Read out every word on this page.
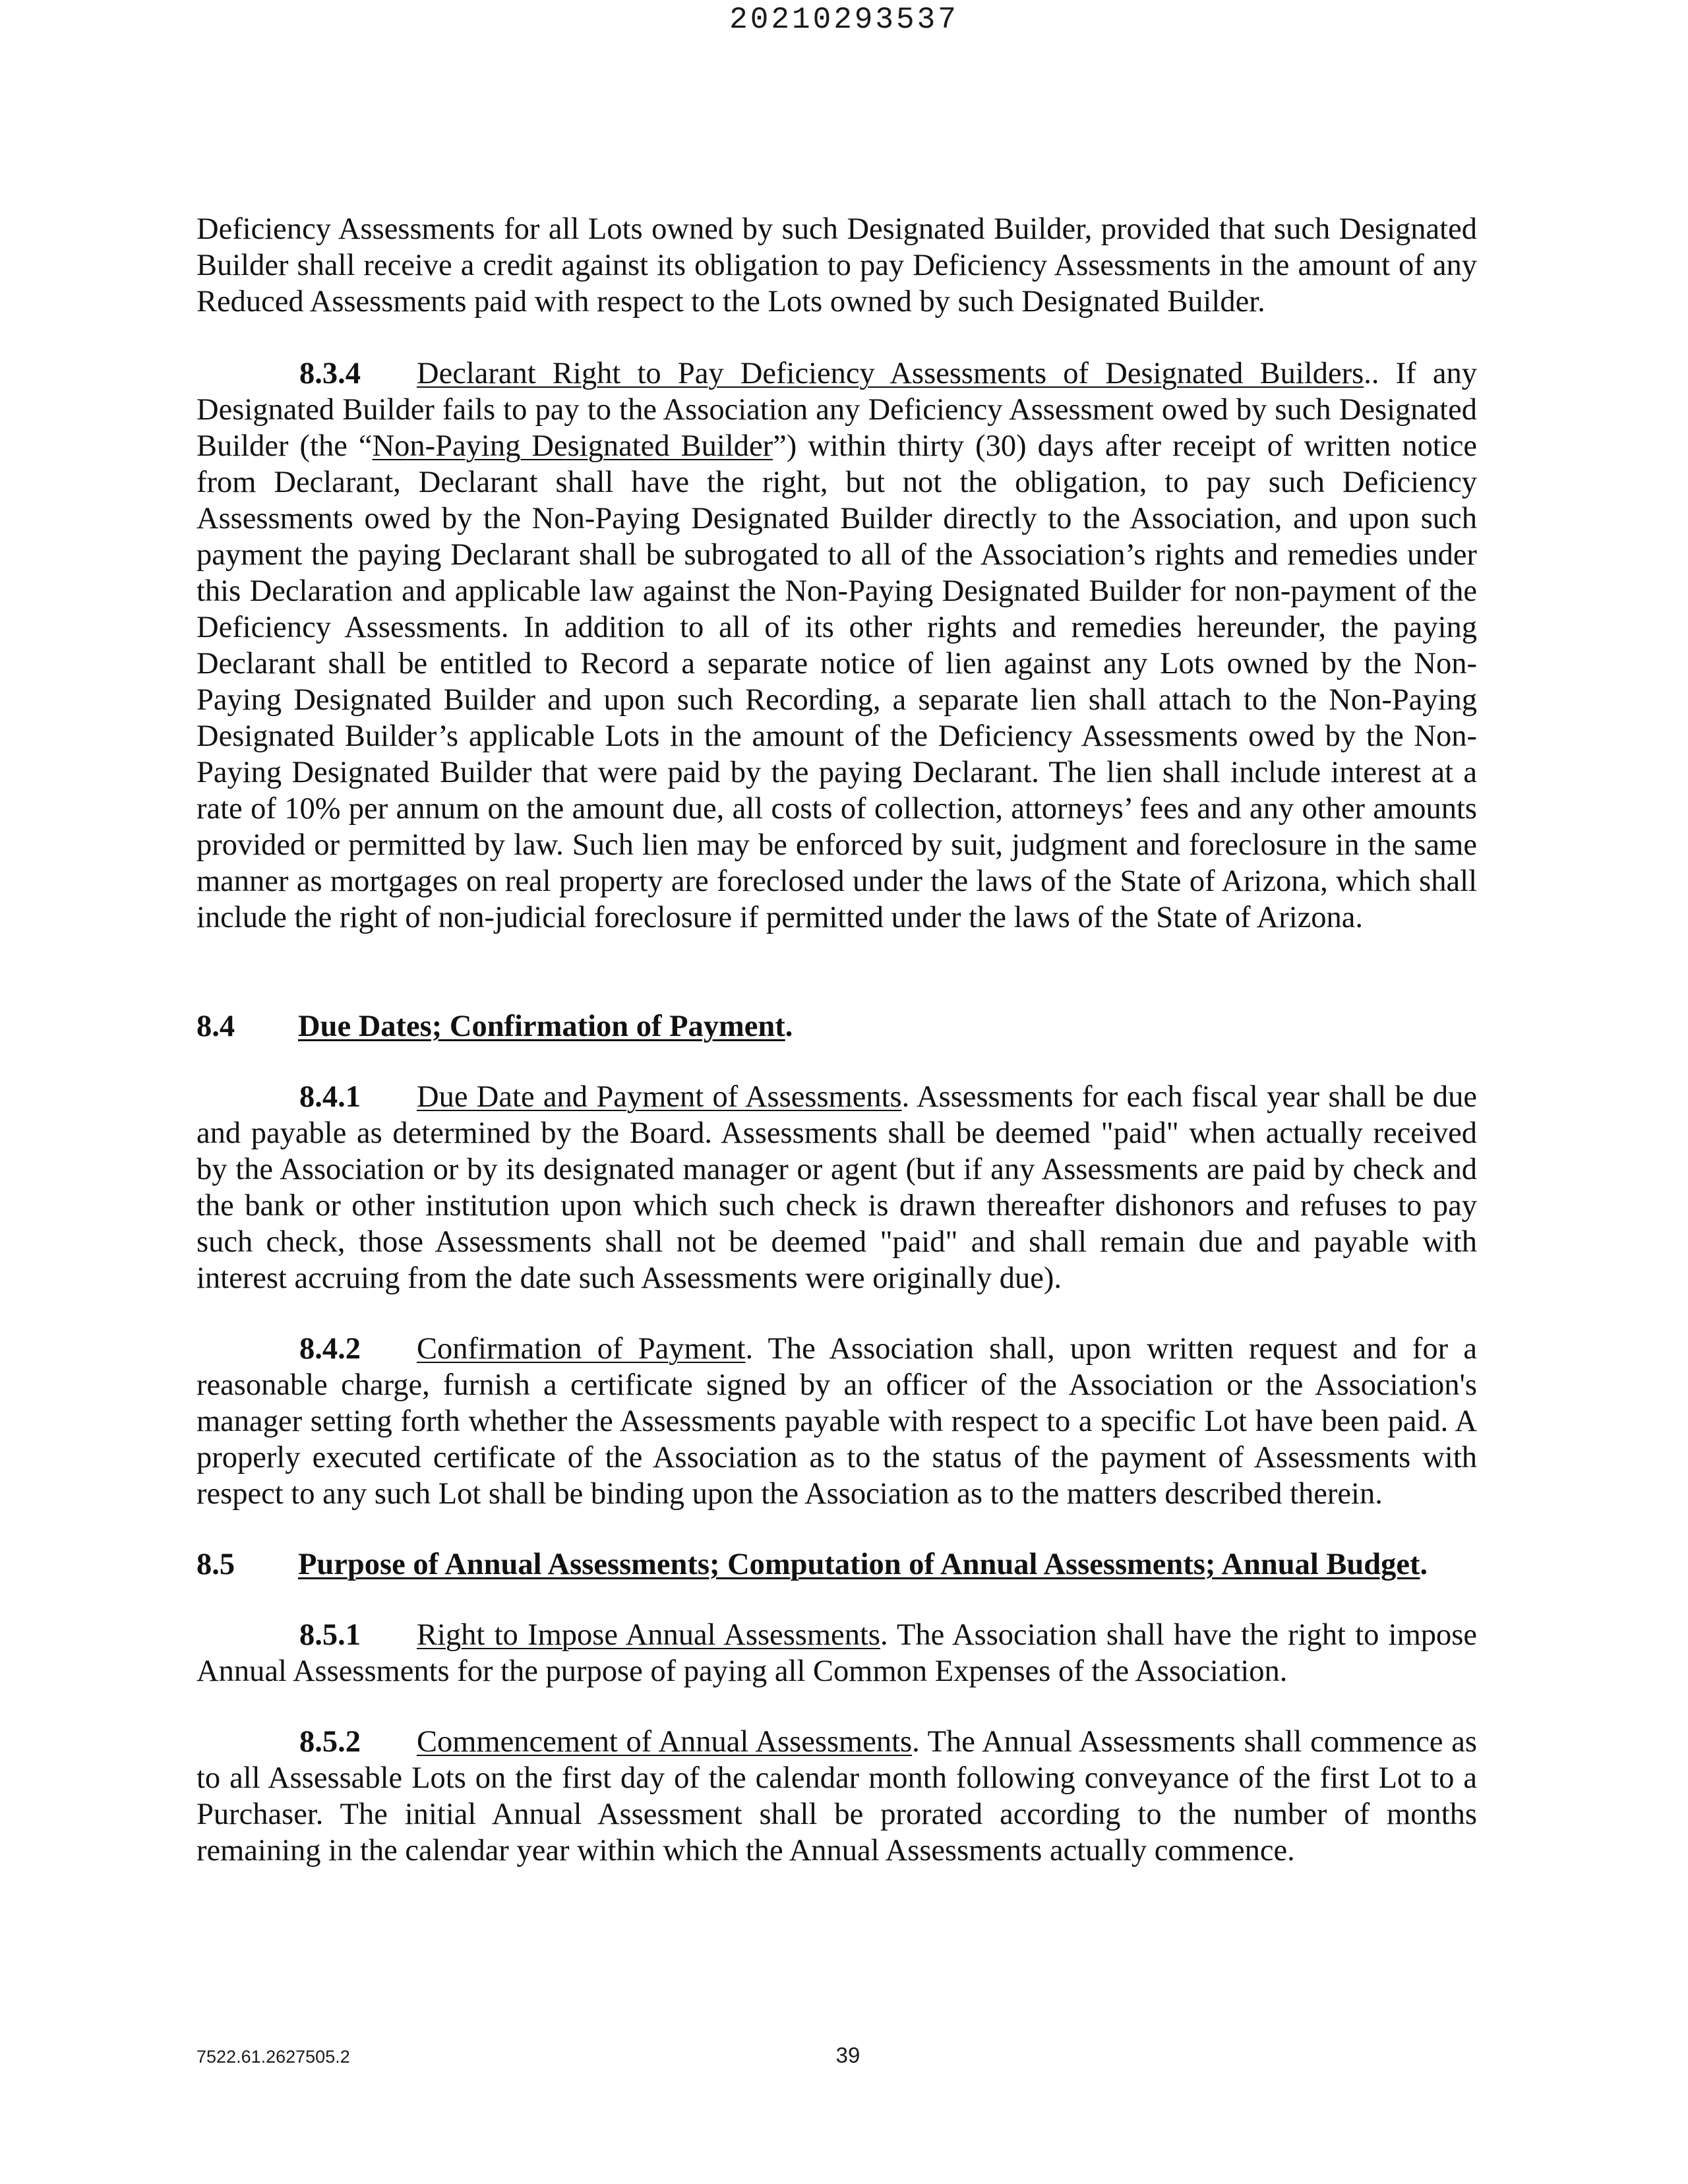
20210293537

Deficiency Assessments for all Lots owned by such Designated Builder, provided that such Designated Builder shall receive a credit against its obligation to pay Deficiency Assessments in the amount of any Reduced Assessments paid with respect to the Lots owned by such Designated Builder.

8.3.4 Declarant Right to Pay Deficiency Assessments of Designated Builders.. If any Designated Builder fails to pay to the Association any Deficiency Assessment owed by such Designated Builder (the “Non-Paying Designated Builder”) within thirty (30) days after receipt of written notice from Declarant, Declarant shall have the right, but not the obligation, to pay such Deficiency Assessments owed by the Non-Paying Designated Builder directly to the Association, and upon such payment the paying Declarant shall be subrogated to all of the Association’s rights and remedies under this Declaration and applicable law against the Non-Paying Designated Builder for non-payment of the Deficiency Assessments. In addition to all of its other rights and remedies hereunder, the paying Declarant shall be entitled to Record a separate notice of lien against any Lots owned by the Non-Paying Designated Builder and upon such Recording, a separate lien shall attach to the Non-Paying Designated Builder’s applicable Lots in the amount of the Deficiency Assessments owed by the Non-Paying Designated Builder that were paid by the paying Declarant. The lien shall include interest at a rate of 10% per annum on the amount due, all costs of collection, attorneys’ fees and any other amounts provided or permitted by law. Such lien may be enforced by suit, judgment and foreclosure in the same manner as mortgages on real property are foreclosed under the laws of the State of Arizona, which shall include the right of non-judicial foreclosure if permitted under the laws of the State of Arizona.

8.4	Due Dates; Confirmation of Payment.

8.4.1 Due Date and Payment of Assessments. Assessments for each fiscal year shall be due and payable as determined by the Board. Assessments shall be deemed "paid" when actually received by the Association or by its designated manager or agent (but if any Assessments are paid by check and the bank or other institution upon which such check is drawn thereafter dishonors and refuses to pay such check, those Assessments shall not be deemed "paid" and shall remain due and payable with interest accruing from the date such Assessments were originally due).

8.4.2 Confirmation of Payment. The Association shall, upon written request and for a reasonable charge, furnish a certificate signed by an officer of the Association or the Association's manager setting forth whether the Assessments payable with respect to a specific Lot have been paid. A properly executed certificate of the Association as to the status of the payment of Assessments with respect to any such Lot shall be binding upon the Association as to the matters described therein.

8.5	Purpose of Annual Assessments; Computation of Annual Assessments; Annual Budget.

8.5.1 Right to Impose Annual Assessments. The Association shall have the right to impose Annual Assessments for the purpose of paying all Common Expenses of the Association.

8.5.2 Commencement of Annual Assessments. The Annual Assessments shall commence as to all Assessable Lots on the first day of the calendar month following conveyance of the first Lot to a Purchaser. The initial Annual Assessment shall be prorated according to the number of months remaining in the calendar year within which the Annual Assessments actually commence.

7522.61.2627505.2	39
